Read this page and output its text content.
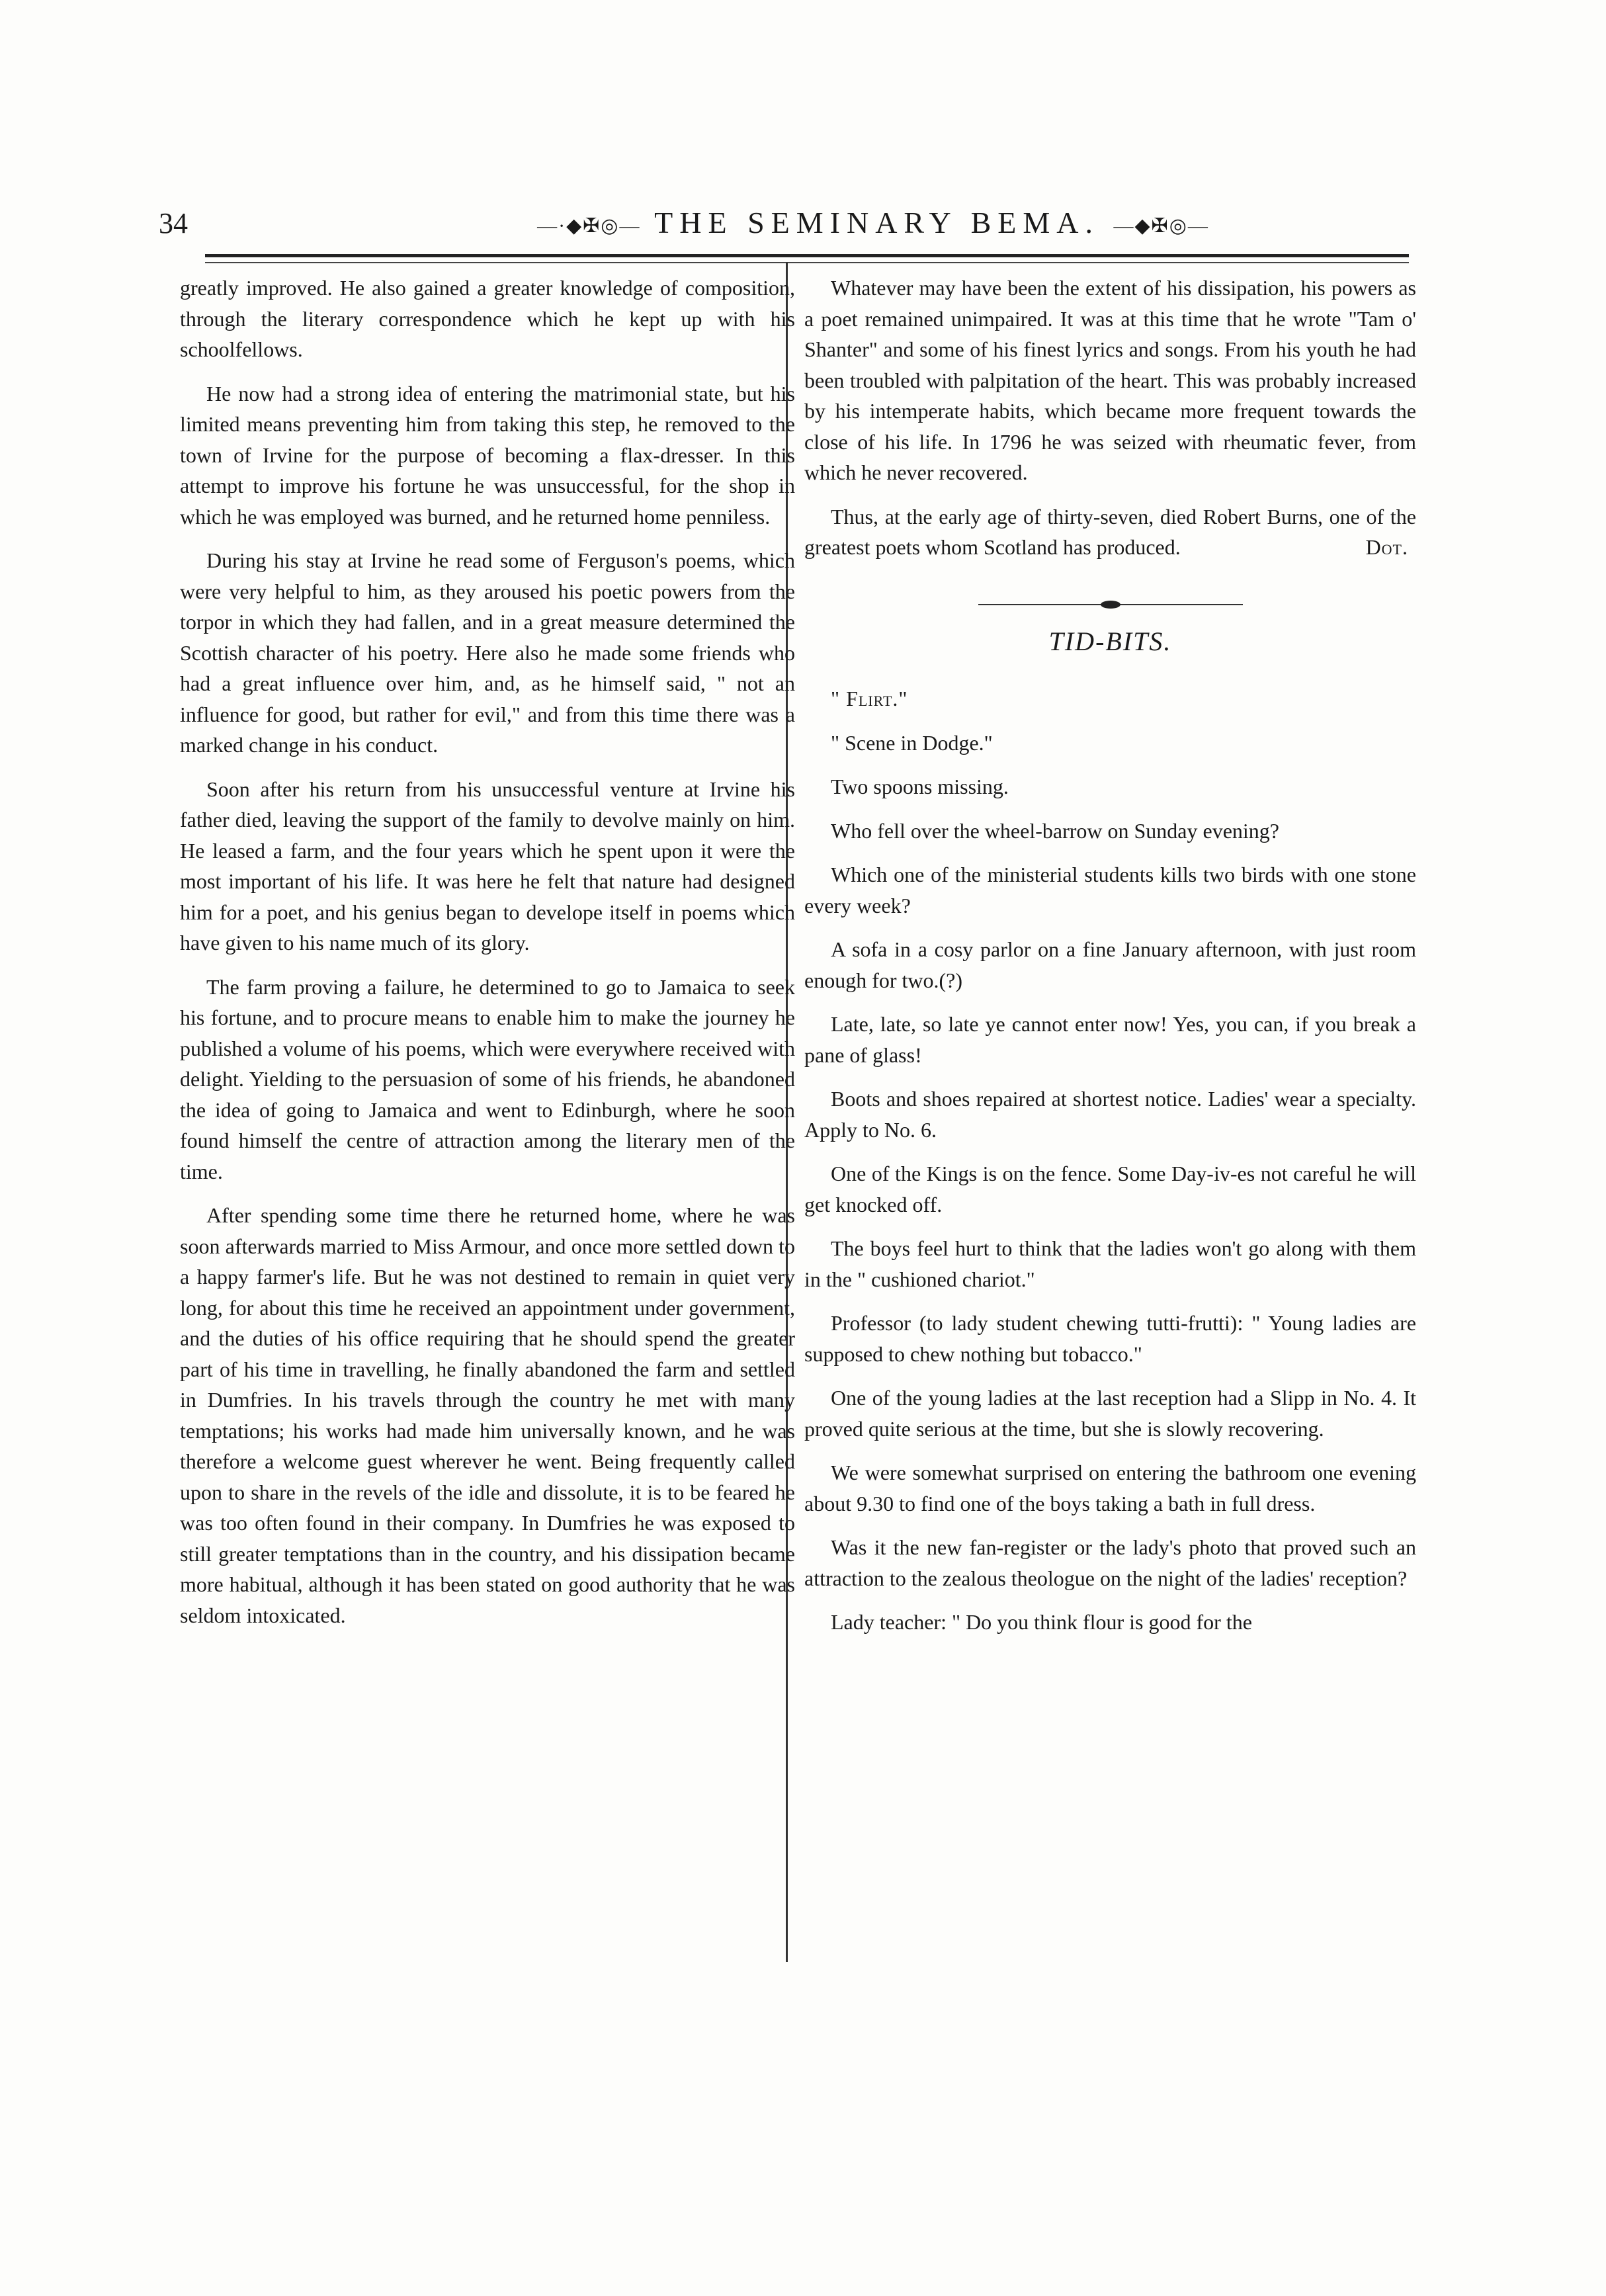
34	—·◆✠◎— THE SEMINARY BEMA. —◆✠◎—

greatly improved. He also gained a greater knowledge of composition, through the literary correspondence which he kept up with his schoolfellows.

He now had a strong idea of entering the matrimonial state, but his limited means preventing him from taking this step, he removed to the town of Irvine for the purpose of becoming a flax-dresser. In this attempt to improve his fortune he was unsuccessful, for the shop in which he was employed was burned, and he returned home penniless.

During his stay at Irvine he read some of Ferguson's poems, which were very helpful to him, as they aroused his poetic powers from the torpor in which they had fallen, and in a great measure determined the Scottish character of his poetry. Here also he made some friends who had a great influence over him, and, as he himself said, " not an influence for good, but rather for evil," and from this time there was a marked change in his conduct.

Soon after his return from his unsuccessful venture at Irvine his father died, leaving the support of the family to devolve mainly on him. He leased a farm, and the four years which he spent upon it were the most important of his life. It was here he felt that nature had designed him for a poet, and his genius began to develope itself in poems which have given to his name much of its glory.

The farm proving a failure, he determined to go to Jamaica to seek his fortune, and to procure means to enable him to make the journey he published a volume of his poems, which were everywhere received with delight. Yielding to the persuasion of some of his friends, he abandoned the idea of going to Jamaica and went to Edinburgh, where he soon found himself the centre of attraction among the literary men of the time.

After spending some time there he returned home, where he was soon afterwards married to Miss Armour, and once more settled down to a happy farmer's life. But he was not destined to remain in quiet very long, for about this time he received an appointment under government, and the duties of his office requiring that he should spend the greater part of his time in travelling, he finally abandoned the farm and settled in Dumfries. In his travels through the country he met with many temptations; his works had made him universally known, and he was therefore a welcome guest wherever he went. Being frequently called upon to share in the revels of the idle and dissolute, it is to be feared he was too often found in their company. In Dumfries he was exposed to still greater temptations than in the country, and his dissipation became more habitual, although it has been stated on good authority that he was seldom intoxicated.

Whatever may have been the extent of his dissipation, his powers as a poet remained unimpaired. It was at this time that he wrote "Tam o' Shanter" and some of his finest lyrics and songs. From his youth he had been troubled with palpitation of the heart. This was probably increased by his intemperate habits, which became more frequent towards the close of his life. In 1796 he was seized with rheumatic fever, from which he never recovered.

Thus, at the early age of thirty-seven, died Robert Burns, one of the greatest poets whom Scotland has produced.	Dot.

TID-BITS.

" Flirt."

" Scene in Dodge."

Two spoons missing.

Who fell over the wheel-barrow on Sunday evening?

Which one of the ministerial students kills two birds with one stone every week?

A sofa in a cosy parlor on a fine January afternoon, with just room enough for two.(?)

Late, late, so late ye cannot enter now! Yes, you can, if you break a pane of glass!

Boots and shoes repaired at shortest notice. Ladies' wear a specialty. Apply to No. 6.

One of the Kings is on the fence. Some Day-iv-es not careful he will get knocked off.

The boys feel hurt to think that the ladies won't go along with them in the " cushioned chariot."

Professor (to lady student chewing tutti-frutti): " Young ladies are supposed to chew nothing but tobacco."

One of the young ladies at the last reception had a Slipp in No. 4. It proved quite serious at the time, but she is slowly recovering.

We were somewhat surprised on entering the bathroom one evening about 9.30 to find one of the boys taking a bath in full dress.

Was it the new fan-register or the lady's photo that proved such an attraction to the zealous theologue on the night of the ladies' reception?

Lady teacher: " Do you think flour is good for the
